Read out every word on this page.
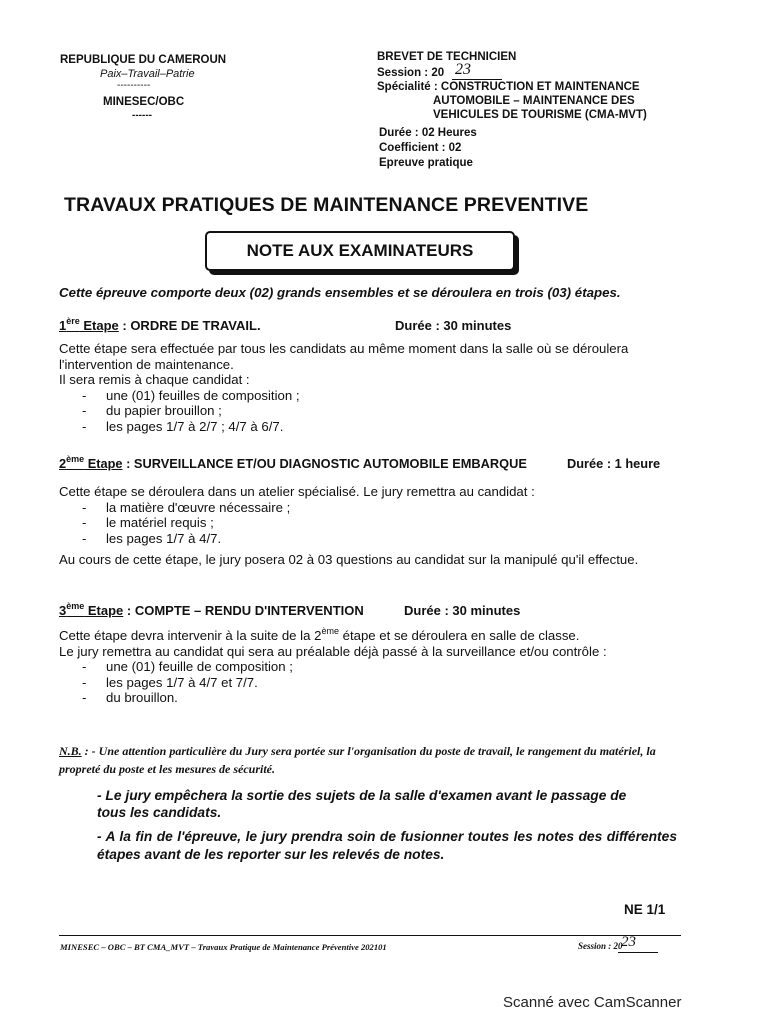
REPUBLIQUE DU CAMEROUN
Paix–Travail–Patrie
----------
MINESEC/OBC
------
BREVET DE TECHNICIEN
Session : 20 23
Spécialité : CONSTRUCTION ET MAINTENANCE
AUTOMOBILE – MAINTENANCE DES
VEHICULES DE TOURISME (CMA-MVT)
Durée : 02 Heures
Coefficient : 02
Epreuve pratique
TRAVAUX PRATIQUES DE MAINTENANCE PREVENTIVE
NOTE AUX EXAMINATEURS
Cette épreuve comporte deux (02) grands ensembles et se déroulera en trois (03) étapes.
1ère Etape : ORDRE DE TRAVAIL.	Durée : 30 minutes
Cette étape sera effectuée par tous les candidats au même moment dans la salle où se déroulera l'intervention de maintenance.
Il sera remis à chaque candidat :
- une (01) feuilles de composition ;
- du papier brouillon ;
- les pages 1/7 à 2/7 ; 4/7 à 6/7.
2ème Etape : SURVEILLANCE ET/OU DIAGNOSTIC AUTOMOBILE EMBARQUE	Durée : 1 heure
Cette étape se déroulera dans un atelier spécialisé. Le jury remettra au candidat :
- la matière d'œuvre nécessaire ;
- le matériel requis ;
- les pages 1/7 à 4/7.
Au cours de cette étape, le jury posera 02 à 03 questions au candidat sur la manipulé qu'il effectue.
3ème Etape : COMPTE – RENDU D'INTERVENTION	Durée : 30 minutes
Cette étape devra intervenir à la suite de la 2ème étape et se déroulera en salle de classe.
Le jury remettra au candidat qui sera au préalable déjà passé à la surveillance et/ou contrôle :
- une (01) feuille de composition ;
- les pages 1/7 à 4/7 et 7/7.
- du brouillon.
N.B. : - Une attention particulière du Jury sera portée sur l'organisation du poste de travail, le rangement du matériel, la propreté du poste et les mesures de sécurité.
- Le jury empêchera la sortie des sujets de la salle d'examen avant le passage de tous les candidats.
- A la fin de l'épreuve, le jury prendra soin de fusionner toutes les notes des différentes étapes avant de les reporter sur les relevés de notes.
NE 1/1
MINESEC – OBC – BT CMA_MVT – Travaux Pratique de Maintenance Préventive 202101	Session : 20
23
Scanné avec CamScanner
